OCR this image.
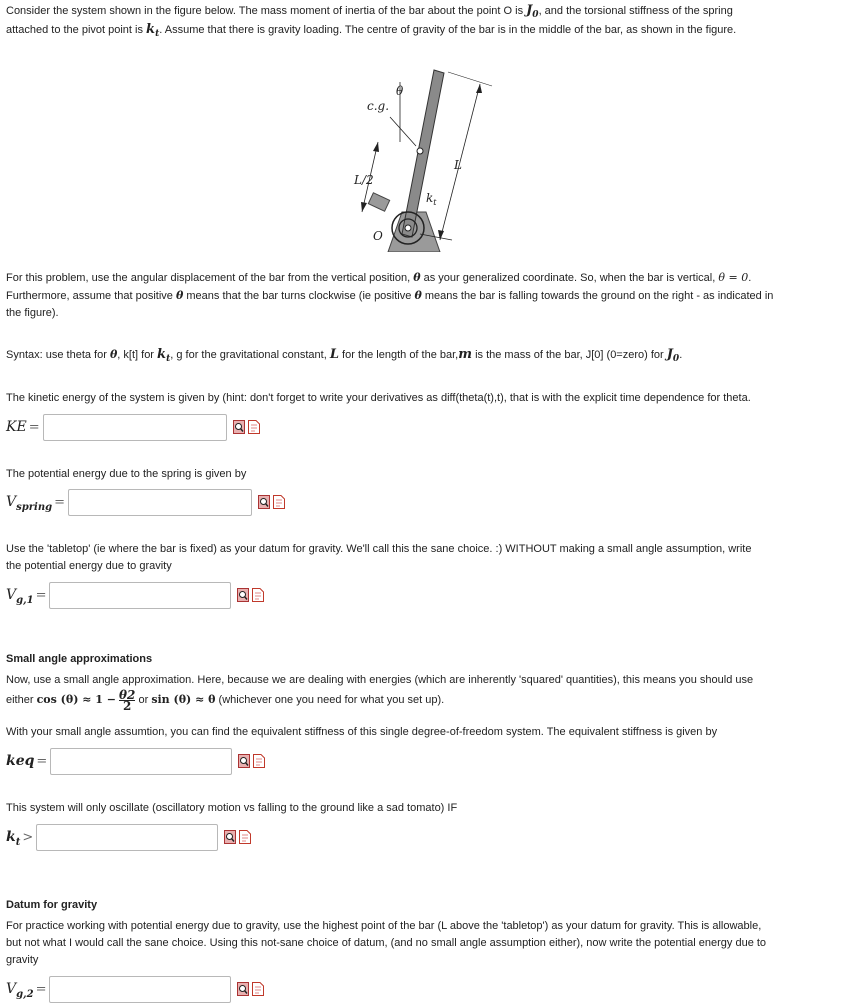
Consider the system shown in the figure below. The mass moment of inertia of the bar about the point O is $J_0$, and the torsional stiffness of the spring
attached to the pivot point is $k_t$. Assume that there is gravity loading. The centre of gravity of the bar is in the middle of the bar, as shown in the figure.

c.g.
θ
L/2
L
$k_t$
O

For this problem, use the angular displacement of the bar from the vertical position, θ as your generalized coordinate. So, when the bar is vertical, θ = 0.
Furthermore, assume that positive θ means that the bar turns clockwise (ie positive θ means the bar is falling towards the ground on the right - as indicated in
the figure).

Syntax: use theta for θ, k[t] for $k_t$, g for the gravitational constant, L for the length of the bar,m is the mass of the bar, J[0] (0=zero) for $J_0$.

The kinetic energy of the system is given by (hint: don't forget to write your derivatives as diff(theta(t),t), that is with the explicit time dependence for theta.

KE =

The potential energy due to the spring is given by

$V_{spring}$ =

Use the 'tabletop' (ie where the bar is fixed) as your datum for gravity. We'll call this the sane choice. :) WITHOUT making a small angle assumption, write
the potential energy due to gravity

$V_{g,1}$ =

Small angle approximations

Now, use a small angle approximation. Here, because we are dealing with energies (which are inherently 'squared' quantities), this means you should use

either $\cos (\theta) \approx 1 - \frac{\theta 2}{2}$ or sin (θ) ≈ θ (whichever one you need for what you set up).

With your small angle assumtion, you can find the equivalent stiffness of this single degree-of-freedom system. The equivalent stiffness is given by

keq =

This system will only oscillate (oscillatory motion vs falling to the ground like a sad tomato) IF

$k_t$ >

Datum for gravity

For practice working with potential energy due to gravity, use the highest point of the bar (L above the 'tabletop') as your datum for gravity. This is allowable,
but not what I would call the sane choice. Using this not-sane choice of datum, (and no small angle assumption either), now write the potential energy due to
gravity

$V_{g,2}$ =
